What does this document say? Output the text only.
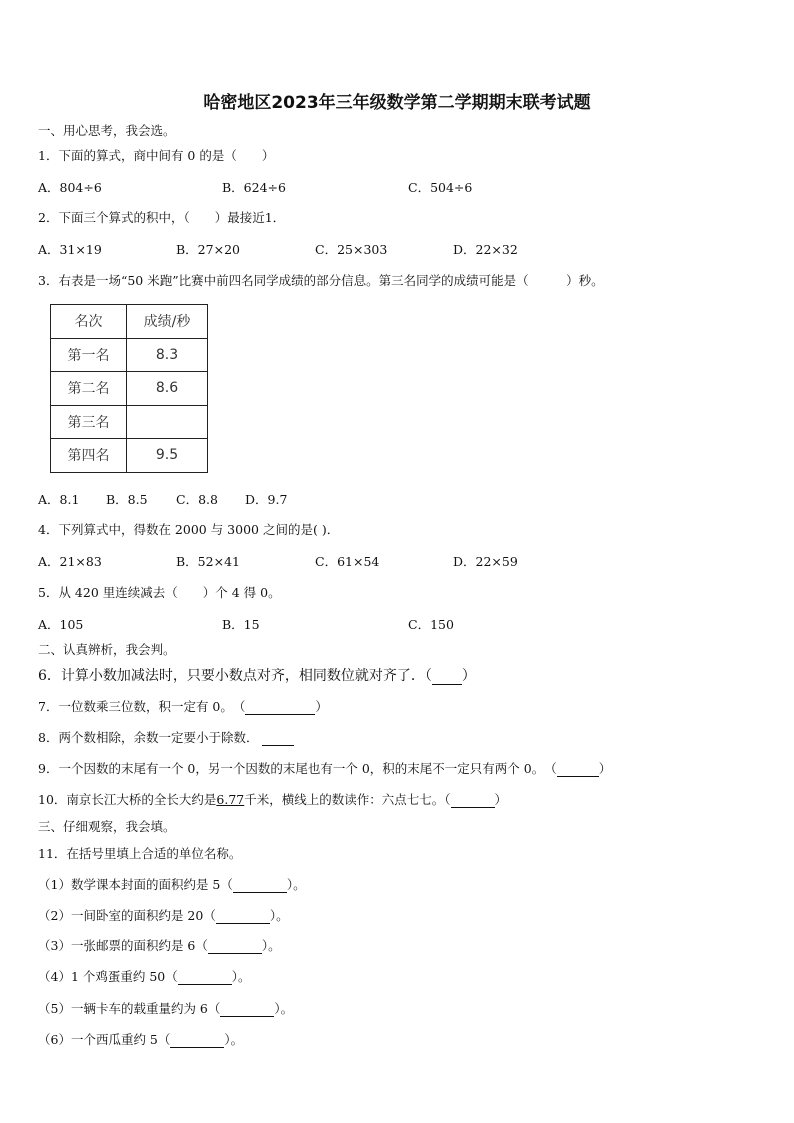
哈密地区2023年三年级数学第二学期期末联考试题
一、用心思考，我会选。
1．下面的算式，商中间有 0 的是（　　）
A．804÷6	B．624÷6	C．504÷6
2．下面三个算式的积中，（　　）最接近1．
A．31×19	B．27×20	C．25×303	D．22×32
3．右表是一场“50 米跑”比赛中前四名同学成绩的部分信息。第三名同学的成绩可能是（　　　）秒。
名次	成绩/秒
第一名	8.3
第二名	8.6
第三名	
第四名	9.5
A．8.1 B．8.5 C．8.8 D．9.7
4．下列算式中，得数在 2000 与 3000 之间的是( )．
A．21×83	B．52×41	C．61×54	D．22×59
5．从 420 里连续减去（　　）个 4 得 0。
A．105	B．15	C．150
二、认真辨析，我会判。
6．计算小数加减法时，只要小数点对齐，相同数位就对齐了．（ ）
7．一位数乘三位数，积一定有 0。　（	）
8．两个数相除，余数一定要小于除数．
9．一个因数的末尾有一个 0，另一个因数的末尾也有一个 0，积的末尾不一定只有两个 0。　（	）
10．南京长江大桥的全长大约是6.77千米，横线上的数读作：六点七七。（	）
三、仔细观察，我会填。
11．在括号里填上合适的单位名称。
（1）数学课本封面的面积约是 5（	）。
（2）一间卧室的面积约是 20（	）。
（3）一张邮票的面积约是 6（	）。
（4）1 个鸡蛋重约 50（	）。
（5）一辆卡车的载重量约为 6（	）。
（6）一个西瓜重约 5（	）。
